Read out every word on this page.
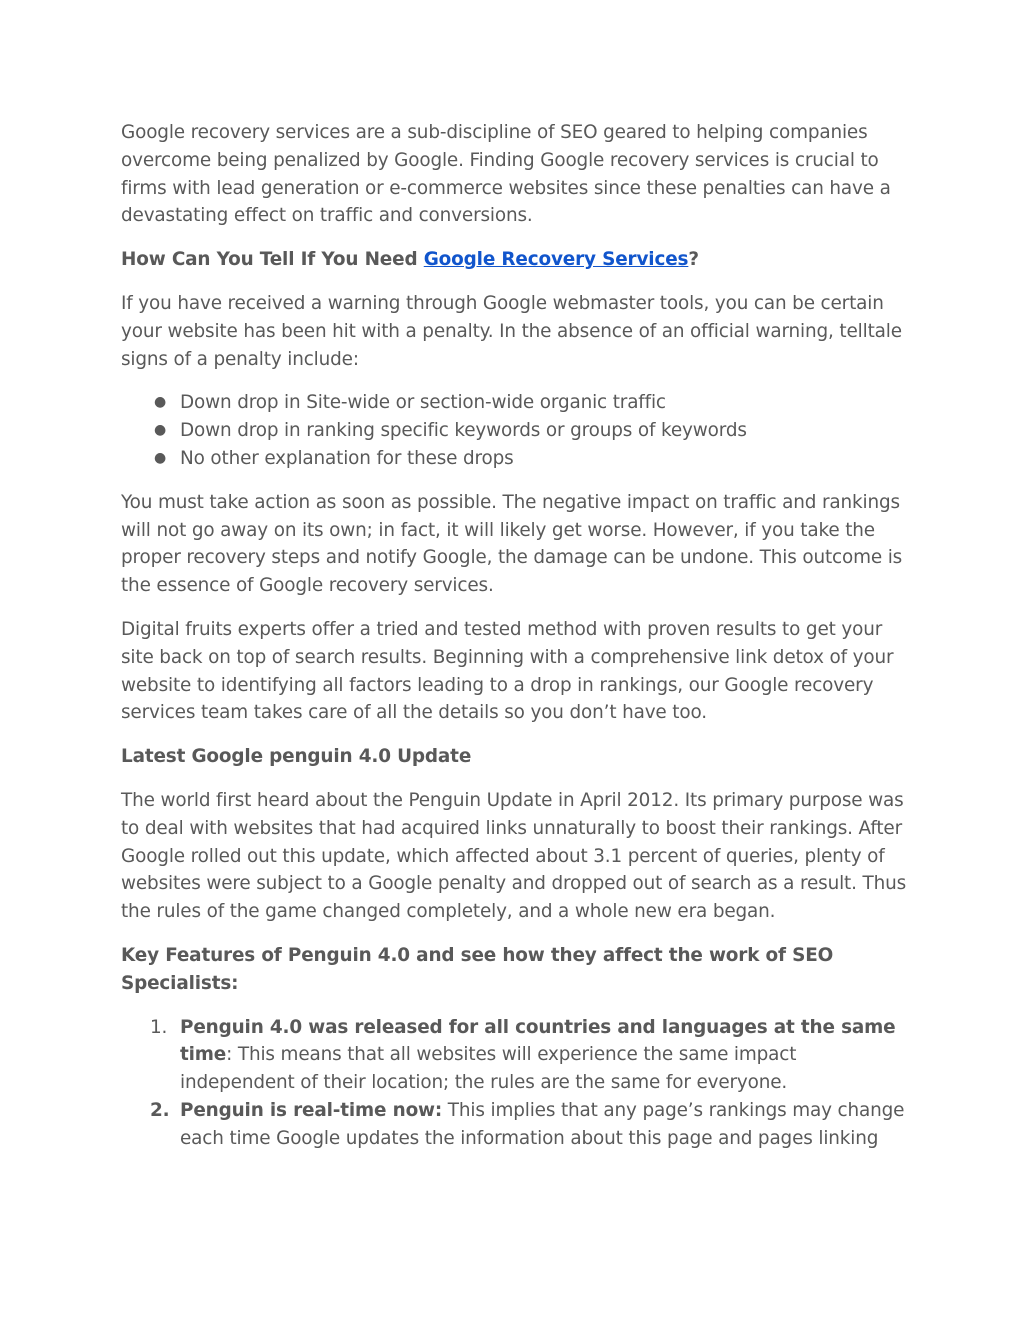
Google recovery services are a sub-discipline of SEO geared to helping companies overcome being penalized by Google. Finding Google recovery services is crucial to firms with lead generation or e-commerce websites since these penalties can have a devastating effect on traffic and conversions.

How Can You Tell If You Need Google Recovery Services?

If you have received a warning through Google webmaster tools, you can be certain your website has been hit with a penalty. In the absence of an official warning, telltale signs of a penalty include:

● Down drop in Site-wide or section-wide organic traffic
● Down drop in ranking specific keywords or groups of keywords
● No other explanation for these drops

You must take action as soon as possible. The negative impact on traffic and rankings will not go away on its own; in fact, it will likely get worse. However, if you take the proper recovery steps and notify Google, the damage can be undone. This outcome is the essence of Google recovery services.

Digital fruits experts offer a tried and tested method with proven results to get your site back on top of search results. Beginning with a comprehensive link detox of your website to identifying all factors leading to a drop in rankings, our Google recovery services team takes care of all the details so you don’t have too.

Latest Google penguin 4.0 Update

The world first heard about the Penguin Update in April 2012. Its primary purpose was to deal with websites that had acquired links unnaturally to boost their rankings. After Google rolled out this update, which affected about 3.1 percent of queries, plenty of websites were subject to a Google penalty and dropped out of search as a result. Thus the rules of the game changed completely, and a whole new era began.

Key Features of Penguin 4.0 and see how they affect the work of SEO Specialists:

1. Penguin 4.0 was released for all countries and languages at the same time: This means that all websites will experience the same impact independent of their location; the rules are the same for everyone.
2. Penguin is real-time now: This implies that any page’s rankings may change each time Google updates the information about this page and pages linking
